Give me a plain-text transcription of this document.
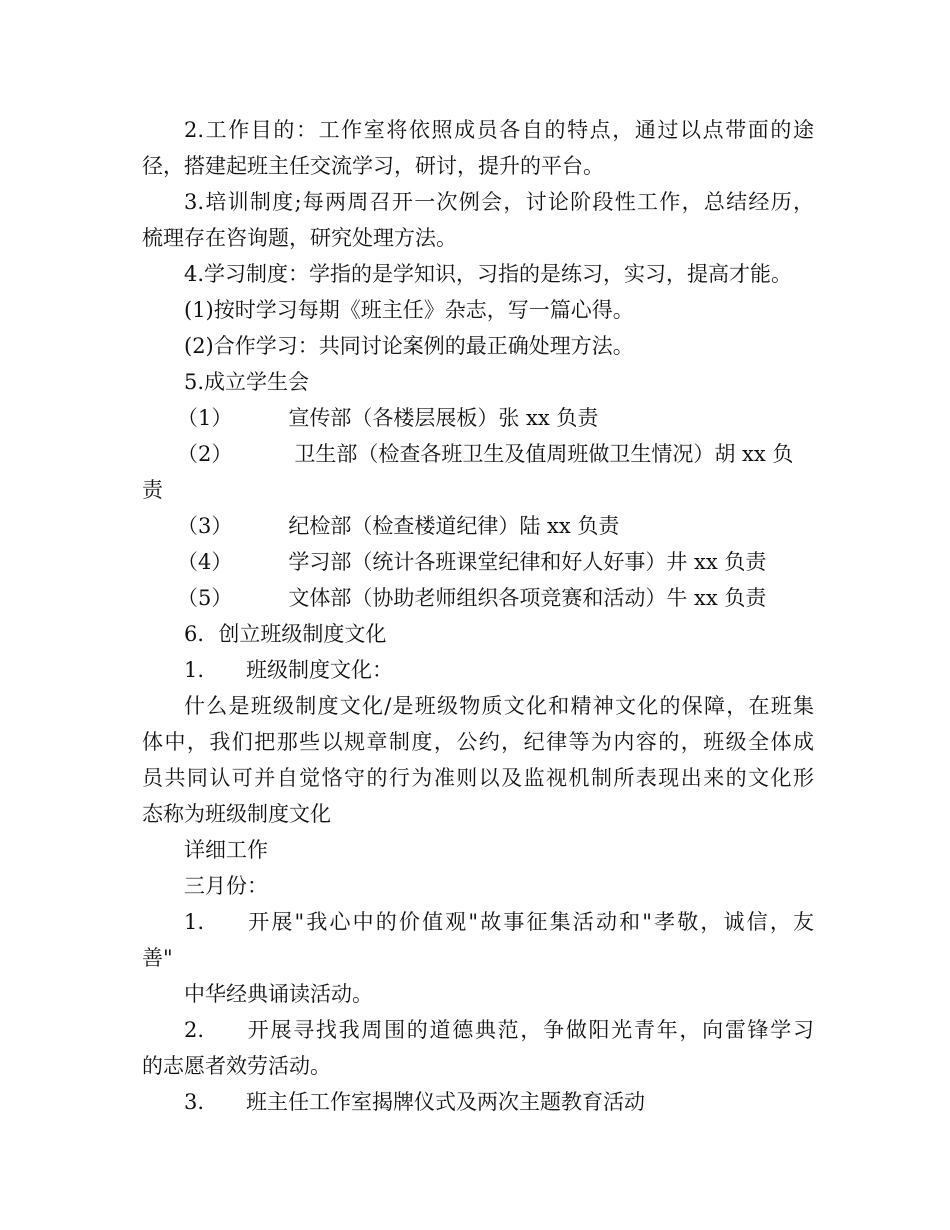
2.工作目的：工作室将依照成员各自的特点，通过以点带面的途
径，搭建起班主任交流学习，研讨，提升的平台。
3.培训制度;每两周召开一次例会，讨论阶段性工作，总结经历，
梳理存在咨询题，研究处理方法。
4.学习制度：学指的是学知识，习指的是练习，实习，提高才能。
(1)按时学习每期《班主任》杂志，写一篇心得。
(2)合作学习：共同讨论案例的最正确处理方法。
5.成立学生会
（1）	宣传部（各楼层展板）张 xx 负责
（2）	卫生部（检查各班卫生及值周班做卫生情况）胡 xx 负
责
（3）	纪检部（检查楼道纪律）陆 xx 负责
（4）	学习部（统计各班课堂纪律和好人好事）井 xx 负责
（5）	文体部（协助老师组织各项竞赛和活动）牛 xx 负责
6．创立班级制度文化
1. 班级制度文化：
什么是班级制度文化/是班级物质文化和精神文化的保障，在班集
体中，我们把那些以规章制度，公约，纪律等为内容的，班级全体成
员共同认可并自觉恪守的行为准则以及监视机制所表现出来的文化形
态称为班级制度文化
详细工作
三月份：
1. 开展"我心中的价值观"故事征集活动和"孝敬，诚信，友
善"
中华经典诵读活动。
2. 开展寻找我周围的道德典范，争做阳光青年，向雷锋学习
的志愿者效劳活动。
3. 班主任工作室揭牌仪式及两次主题教育活动
